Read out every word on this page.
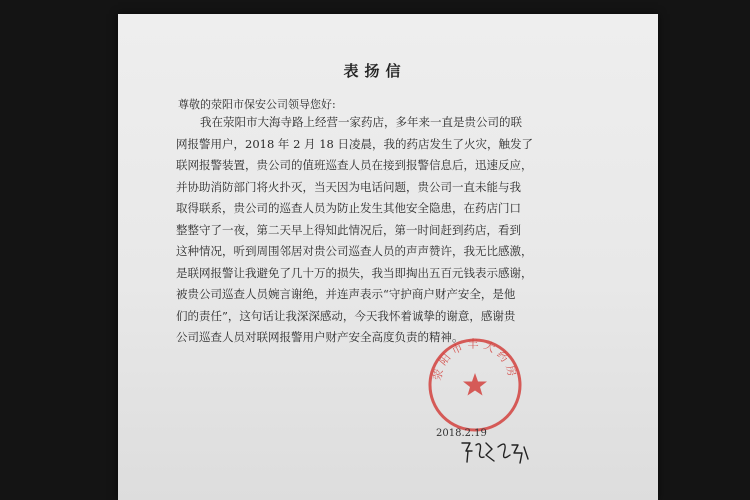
表扬信
尊敬的荥阳市保安公司领导您好:
我在荥阳市大海寺路上经营一家药店，多年来一直是贵公司的联
网报警用户，2018 年 2 月 18 日凌晨，我的药店发生了火灾，触发了
联网报警装置，贵公司的值班巡查人员在接到报警信息后，迅速反应，
并协助消防部门将火扑灭，当天因为电话问题，贵公司一直未能与我
取得联系，贵公司的巡查人员为防止发生其他安全隐患，在药店门口
整整守了一夜，第二天早上得知此情况后，第一时间赶到药店，看到
这种情况，听到周围邻居对贵公司巡查人员的声声赞许，我无比感激，
是联网报警让我避免了几十万的损失，我当即掏出五百元钱表示感谢，
被贵公司巡查人员婉言谢绝，并连声表示“守护商户财产安全，是他
们的责任”，这句话让我深深感动，今天我怀着诚挚的谢意，感谢贵
公司巡查人员对联网报警用户财产安全高度负责的精神。
荥阳市丰大药房
2018.2.19
